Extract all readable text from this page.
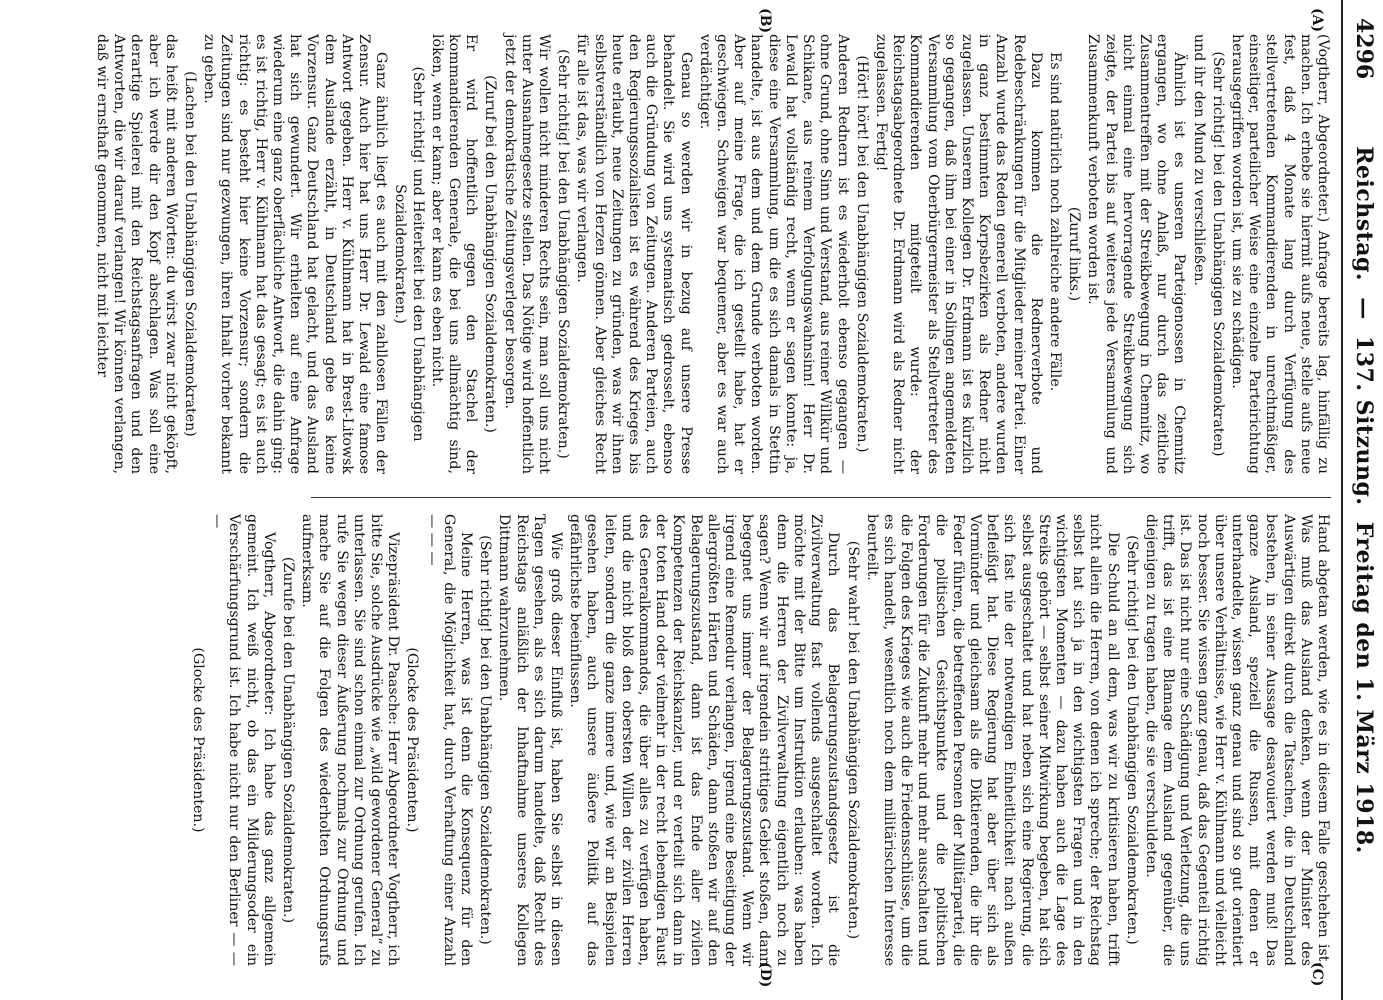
4296
Reichstag. — 137. Sitzung. Freitag den 1. März 1918.
(A)
(B)
(C)
(D)

(Vogtherr, Abgeordneter.) Anfrage bereits lag, hinfällig zu machen. Ich erhebe sie hiermit aufs neue, stelle aufs neue fest, daß 4 Monate lang durch Verfügung des stellvertretenden Kommandierenden in unrechtmäßiger, einseitiger, parteilicher Weise eine einzelne Parteirichtung herausgegriffen worden ist, um sie zu schädigen.

(Sehr richtig! bei den Unabhängigen Sozialdemokraten)

und ihr den Mund zu verschließen.

Ähnlich ist es unseren Parteigenossen in Chemnitz ergangen, wo ohne Anlaß, nur durch das zeitliche Zusammentreffen mit der Streikbewegung in Chemnitz, wo nicht einmal eine hervorragende Streikbewegung sich zeigte, der Partei bis auf weiteres jede Versammlung und Zusammenkunft verboten worden ist.

(Zuruf links.)

Es sind natürlich noch zahlreiche andere Fälle.

Dazu kommen die Rednerverbote und Redebeschränkungen für die Mitglieder meiner Partei. Einer Anzahl wurde das Reden generell verboten, andere wurden in ganz bestimmten Korpsbezirken als Redner nicht zugelassen. Unserem Kollegen Dr. Erdmann ist es kürzlich so gegangen, daß ihm bei einer in Solingen angemeldeten Versammlung vom Oberbürgermeister als Stellvertreter des Kommandierenden mitgeteilt wurde: der Reichstagsabgeordnete Dr. Erdmann wird als Redner nicht zugelassen. Fertig!

(Hört! hört! bei den Unabhängigen Sozialdemokraten.)

Anderen Rednern ist es wiederholt ebenso gegangen — ohne Grund, ohne Sinn und Verstand, aus reiner Willkür und Schikane, aus reinem Verfolgungswahnsinn! Herr Dr. Lewald hat vollständig recht, wenn er sagen konnte: ja, diese eine Versammlung, um die es sich damals in Stettin handelte, ist aus dem und dem Grunde verboten worden. Aber auf meine Frage, die ich gestellt habe, hat er geschwiegen. Schweigen war bequemer, aber es war auch verdächtiger.

Genau so werden wir in bezug auf unsere Presse behandelt. Sie wird uns systematisch gedrosselt, ebenso auch die Gründung von Zeitungen. Anderen Parteien, auch den Regierungssozialisten ist es während des Krieges bis heute erlaubt, neue Zeitungen zu gründen, was wir ihnen selbstverständlich von Herzen gönnen. Aber gleiches Recht für alle ist das, was wir verlangen.

(Sehr richtig! bei den Unabhängigen Sozialdemokraten.)

Wir wollen nicht minderen Rechts sein, man soll uns nicht unter Ausnahmegesetze stellen. Das Nötige wird hoffentlich jetzt der demokratische Zeitungsverleger besorgen.

(Zuruf bei den Unabhängigen Sozialdemokraten.)

Er wird hoffentlich gegen den Stachel der kommandierenden Generale, die bei uns allmächtig sind, löken, wenn er kann; aber er kann es eben nicht.

(Sehr richtig! und Heiterkeit bei den Unabhängigen Sozialdemokraten.)

Ganz ähnlich liegt es auch mit den zahllosen Fällen der Zensur. Auch hier hat uns Herr Dr. Lewald eine famose Antwort gegeben. Herr v. Kühlmann hat in Brest-Litowsk dem Auslande erzählt, in Deutschland gebe es keine Vorzensur. Ganz Deutschland hat gelacht, und das Ausland hat sich gewundert. Wir erhielten auf eine Anfrage wiederum eine ganz oberflächliche Antwort, die dahin ging: es ist richtig, Herr v. Kühlmann hat das gesagt; es ist auch richtig: es besteht hier keine Vorzensur; sondern die Zeitungen sind nur gezwungen, ihren Inhalt vorher bekannt zu geben.

(Lachen bei den Unabhängigen Sozialdemokraten)

das heißt mit anderen Worten: du wirst zwar nicht geköpft, aber ich werde dir den Kopf abschlagen. Was soll eine derartige Spielerei mit den Reichstagsanfragen und den Antworten, die wir darauf verlangen! Wir können verlangen, daß wir ernsthaft genommen, nicht mit leichter

Hand abgetan werden, wie es in diesem Falle geschehen ist. Was muß das Ausland denken, wenn der Minister des Auswärtigen direkt durch die Tatsachen, die in Deutschland bestehen, in seiner Aussage desavouiert werden muß! Das ganze Ausland, speziell die Russen, mit denen er unterhandelte, wissen ganz genau und sind so gut orientiert über unsere Verhältnisse, wie Herr v. Kühlmann und vielleicht noch besser. Sie wissen ganz genau, daß das Gegenteil richtig ist. Das ist nicht nur eine Schädigung und Verletzung, die uns trifft, das ist eine Blamage dem Ausland gegenüber, die diejenigen zu tragen haben, die sie verschuldeten.

(Sehr richtig! bei den Unabhängigen Sozialdemokraten.)

Die Schuld an all dem, was wir zu kritisieren haben, trifft nicht allein die Herren, von denen ich spreche; der Reichstag selbst hat sich ja in den wichtigsten Fragen und in den wichtigsten Momenten — dazu haben auch die Lage des Streiks gehört — selbst seiner Mitwirkung begeben, hat sich selbst ausgeschaltet und hat neben sich eine Regierung, die sich fast nie der notwendigen Einheitlichkeit nach außen befleißigt hat. Diese Regierung hat aber über sich als Vormünder und gleichsam als die Diktierenden, die ihr die Feder führen, die betreffenden Personen der Militärpartei, die die politischen Gesichtspunkte und die politischen Forderungen für die Zukunft mehr und mehr ausschalten und die Folgen des Krieges wie auch die Friedensschlüsse, um die es sich handelt, wesentlich noch dem militärischen Interesse beurteilt.

(Sehr wahr! bei den Unabhängigen Sozialdemokraten.)

Durch das Belagerungszustandsgesetz ist die Zivilverwaltung fast vollends ausgeschaltet worden. Ich möchte mit der Bitte um Instruktion erlauben: was haben denn die Herren der Zivilverwaltung eigentlich noch zu sagen? Wenn wir auf irgendein strittiges Gebiet stoßen, dann begegnet uns immer der Belagerungszustand. Wenn wir irgend eine Remedur verlangen, irgend eine Beseitigung der allergrößten Härten und Schäden, dann stoßen wir auf den Belagerungszustand, dann ist das Ende aller zivilen Kompetenzen der Reichskanzler, und er verteilt sich dann in der toten Hand oder vielmehr in der recht lebendigen Faust des Generalkommandos, die über alles zu verfügen haben, und die nicht bloß den obersten Willen der zivilen Herren leiten, sondern die ganze innere und, wie wir an Beispielen gesehen haben, auch unsere äußere Politik auf das gefährlichste beeinflussen.

Wie groß dieser Einfluß ist, haben Sie selbst in diesen Tagen gesehen, als es sich darum handelte, daß Recht des Reichstags anläßlich der Inhaftnahme unseres Kollegen Dittmann wahrzunehmen.

(Sehr richtig! bei den Unabhängigen Sozialdemokraten.)

Meine Herren, was ist denn die Konsequenz für den General, die Möglichkeit hat, durch Verhaftung einer Anzahl — — —

(Glocke des Präsidenten.)

Vizepräsident Dr. Paasche: Herr Abgeordneter Vogtherr, ich bitte Sie, solche Ausdrücke wie „wild gewordener General“ zu unterlassen. Sie sind schon einmal zur Ordnung gerufen. Ich rufe Sie wegen dieser Äußerung nochmals zur Ordnung und mache Sie auf die Folgen des wiederholten Ordnungsrufs aufmerksam.

(Zurufe bei den Unabhängigen Sozialdemokraten.)

Vogtherr, Abgeordneter: Ich habe das ganz allgemein gemeint. Ich weiß nicht, ob das ein Milderungsoder ein Verschärfungsgrund ist. Ich habe nicht nur den Berliner — — —

(Glocke des Präsidenten.)
